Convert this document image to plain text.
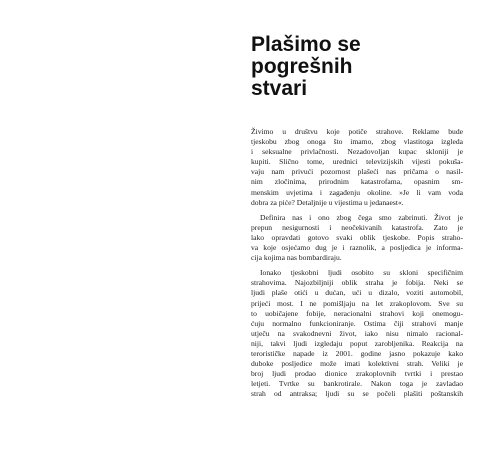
Plašimo se
pogrešnih
stvari

Živimo u društvu koje potiče strahove. Reklame bude
tjeskobu zbog onoga što imamo, zbog vlastitoga izgleda
i seksualne privlačnosti. Nezadovoljan kupac skloniji je
kupiti. Slično tome, urednici televizijskih vijesti pokuša-
vaju nam privući pozornost plašeći nas pričama o nasil-
nim zločinima, prirodnim katastrofama, opasnim sm-
menskim uvjetima i zagađenju okoline. »Je li vam voda
dobra za piće? Detaljnije u vijestima u jedanaest«.

Definira nas i ono zbog čega smo zabrinuti. Život je
prepun nesigurnosti i neočekivanih katastrofa. Zato je
lako opravdati gotovo svaki oblik tjeskobe. Popis straho-
va koje osjećamo dug je i raznolik, a posljedica je informa-
cija kojima nas bombardiraju.

Ionako tjeskobni ljudi osobito su skloni specifičnim
strahovima. Najozbiljniji oblik straha je fobija. Neki se
ljudi plaše otići u dućan, ući u dizalo, voziti automobil,
prijeći most. I ne pomišljaju na let zrakoplovom. Sve su
to uobičajene fobije, neracionalni strahovi koji onemogu-
ćuju normalno funkcioniranje. Ostima čiji strahovi manje
utječu na svakodnevni život, iako nisu nimalo racional-
niji, takvi ljudi izgledaju poput zarobljenika. Reakcija na
terorističke napade iz 2001. godine jasno pokazuje kako
duboke posljedice može imati kolektivni strah. Veliki je
broj ljudi prodao dionice zrakoplovnih tvrtki i prestao
letjeti. Tvrtke su bankrotirale. Nakon toga je zavladao
strah od antraksa; ljudi su se počeli plašiti poštanskih
